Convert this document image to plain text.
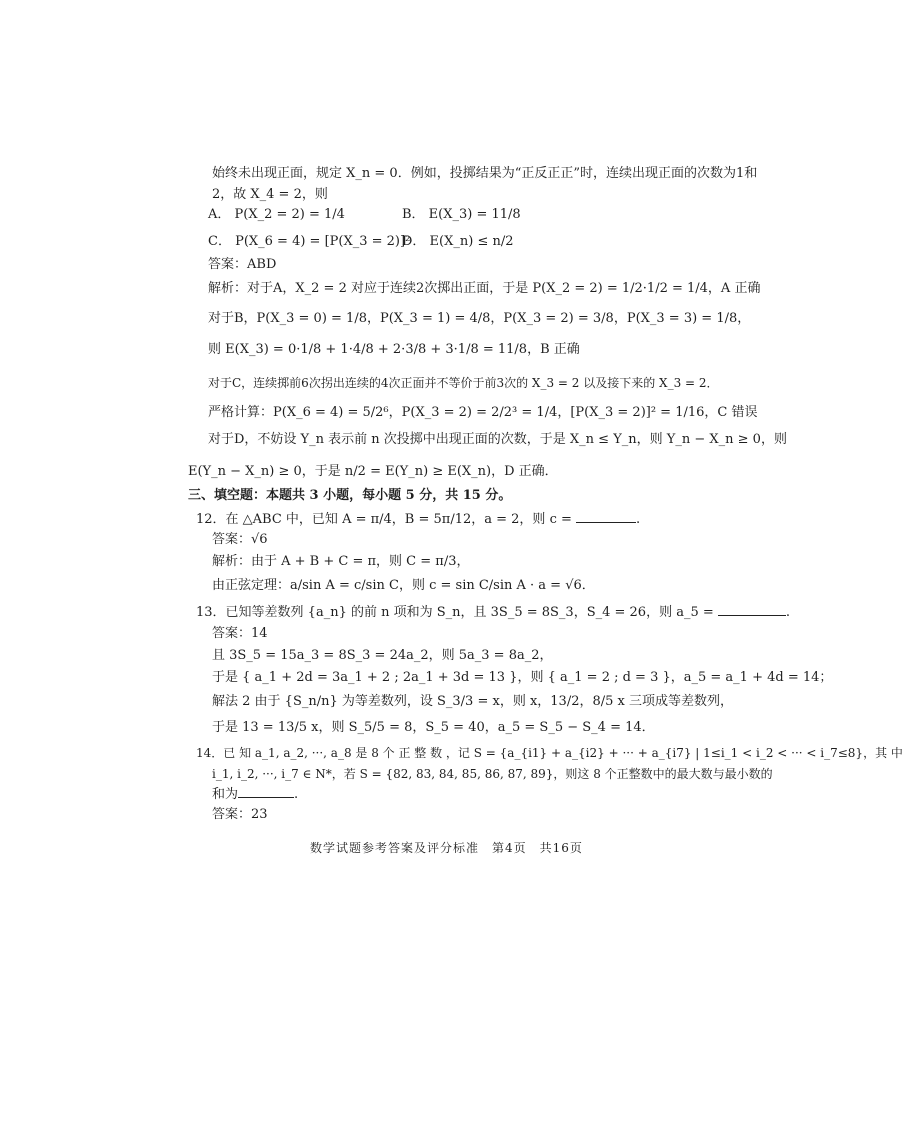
始终未出现正面，规定 X_n = 0．例如，投掷结果为“正反正正”时，连续出现正面的次数为1和
2，故 X_4 = 2，则
A． P(X_2 = 2) = 1/4	B． E(X_3) = 11/8
C． P(X_6 = 4) = [P(X_3 = 2)]²
D． E(X_n) ≤ n/2
答案：ABD
解析：对于A，X_2 = 2 对应于连续2次掷出正面，于是 P(X_2 = 2) = 1/2·1/2 = 1/4，A 正确
对于B，P(X_3 = 0) = 1/8，P(X_3 = 1) = 4/8，P(X_3 = 2) = 3/8，P(X_3 = 3) = 1/8，
则 E(X_3) = 0·1/8 + 1·4/8 + 2·3/8 + 3·1/8 = 11/8，B 正确
对于C，连续掷前6次拐出连续的4次正面并不等价于前3次的 X_3 = 2 以及接下来的 X_3 = 2．
严格计算：P(X_6 = 4) = 5/2⁶，P(X_3 = 2) = 2/2³ = 1/4，[P(X_3 = 2)]² = 1/16，C 错误
对于D，不妨设 Y_n 表示前 n 次投掷中出现正面的次数，于是 X_n ≤ Y_n，则 Y_n − X_n ≥ 0，则
E(Y_n − X_n) ≥ 0，于是 n/2 = E(Y_n) ≥ E(X_n)，D 正确．
三、填空题：本题共 3 小题，每小题 5 分，共 15 分。
12．在 △ABC 中，已知 A = π/4，B = 5π/12，a = 2，则 c =	.
答案：√6
解析：由于 A + B + C = π，则 C = π/3，
由正弦定理：a/sin A = c/sin C，则 c = sin C/sin A · a = √6．
13．已知等差数列 {a_n} 的前 n 项和为 S_n，且 3S_5 = 8S_3，S_4 = 26，则 a_5 =	.
答案：14
且 3S_5 = 15a_3 = 8S_3 = 24a_2，则 5a_3 = 8a_2，
于是 { a_1 + 2d = 3a_1 + 2 ; 2a_1 + 3d = 13 }，则 { a_1 = 2 ; d = 3 }，a_5 = a_1 + 4d = 14；
解法 2 由于 {S_n/n} 为等差数列，设 S_3/3 = x，则 x，13/2，8/5 x 三项成等差数列，
于是 13 = 13/5 x，则 S_5/5 = 8，S_5 = 40，a_5 = S_5 − S_4 = 14．
14．已 知 a_1, a_2, ···, a_8 是 8 个 正 整 数 ，记 S = {a_{i1} + a_{i2} + ··· + a_{i7} | 1≤i_1 < i_2 < ··· < i_7≤8}，其 中
i_1, i_2, ···, i_7 ∈ N*，若 S = {82, 83, 84, 85, 86, 87, 89}，则这 8 个正整数中的最大数与最小数的
和为	.
答案：23
数学试题参考答案及评分标准　第4页　共16页
